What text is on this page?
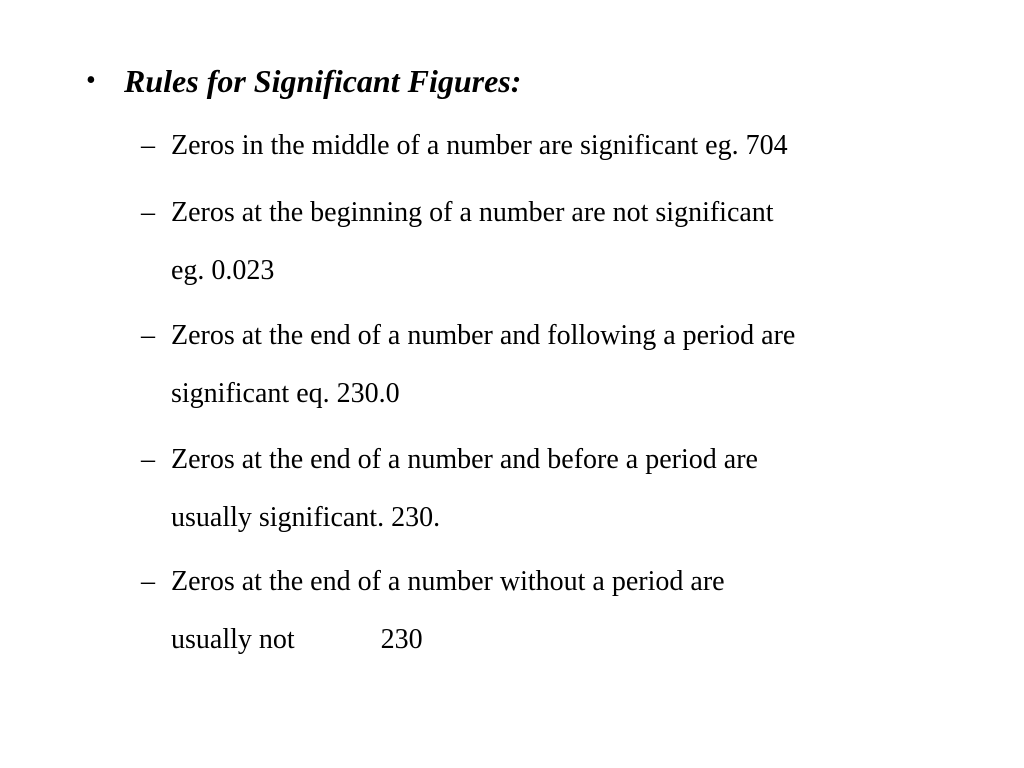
• Rules for Significant Figures:
– Zeros in the middle of a number are significant eg. 704
– Zeros at the beginning of a number are not significant
eg. 0.023
– Zeros at the end of a number and following a period are
significant eq. 230.0
– Zeros at the end of a number and before a period are
usually significant. 230.
– Zeros at the end of a number without a period are
usually not	230
